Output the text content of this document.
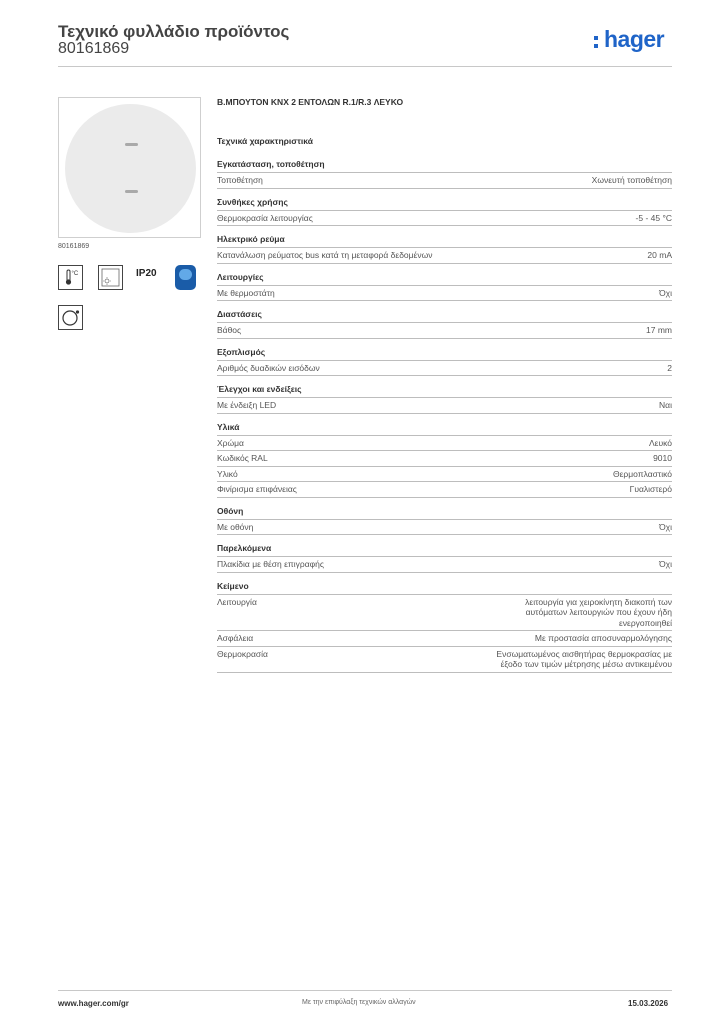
Τεχνικό φυλλάδιο προϊόντος
80161869	hager
80161869
°C	IP20
Β.ΜΠΟΥΤΟΝ KNX 2 ΕΝΤΟΛΩΝ R.1/R.3 ΛΕΥΚΟ
Τεχνικά χαρακτηριστικά
Εγκατάσταση, τοποθέτηση
Τοποθέτηση	Χωνευτή τοποθέτηση
Συνθήκες χρήσης
Θερμοκρασία λειτουργίας	-5 - 45 °C
Ηλεκτρικό ρεύμα
Κατανάλωση ρεύματος bus κατά τη μεταφορά δεδομένων	20 mA
Λειτουργίες
Με θερμοστάτη	Όχι
Διαστάσεις
Βάθος	17 mm
Εξοπλισμός
Αριθμός δυαδικών εισόδων	2
Έλεγχοι και ενδείξεις
Με ένδειξη LED	Ναι
Υλικά
Χρώμα	Λευκό
Κωδικός RAL	9010
Υλικό	Θερμοπλαστικό
Φινίρισμα επιφάνειας	Γυαλιστερό
Οθόνη
Με οθόνη	Όχι
Παρελκόμενα
Πλακίδια με θέση επιγραφής	Όχι
Κείμενο
Λειτουργία	λειτουργία για χειροκίνητη διακοπή των αυτόματων λειτουργιών που έχουν ήδη ενεργοποιηθεί
Ασφάλεια	Με προστασία αποσυναρμολόγησης
Θερμοκρασία	Ενσωματωμένος αισθητήρας θερμοκρασίας με έξοδο των τιμών μέτρησης μέσω αντικειμένου
www.hager.com/gr	Με την επιφύλαξη τεχνικών αλλαγών	15.03.2026
